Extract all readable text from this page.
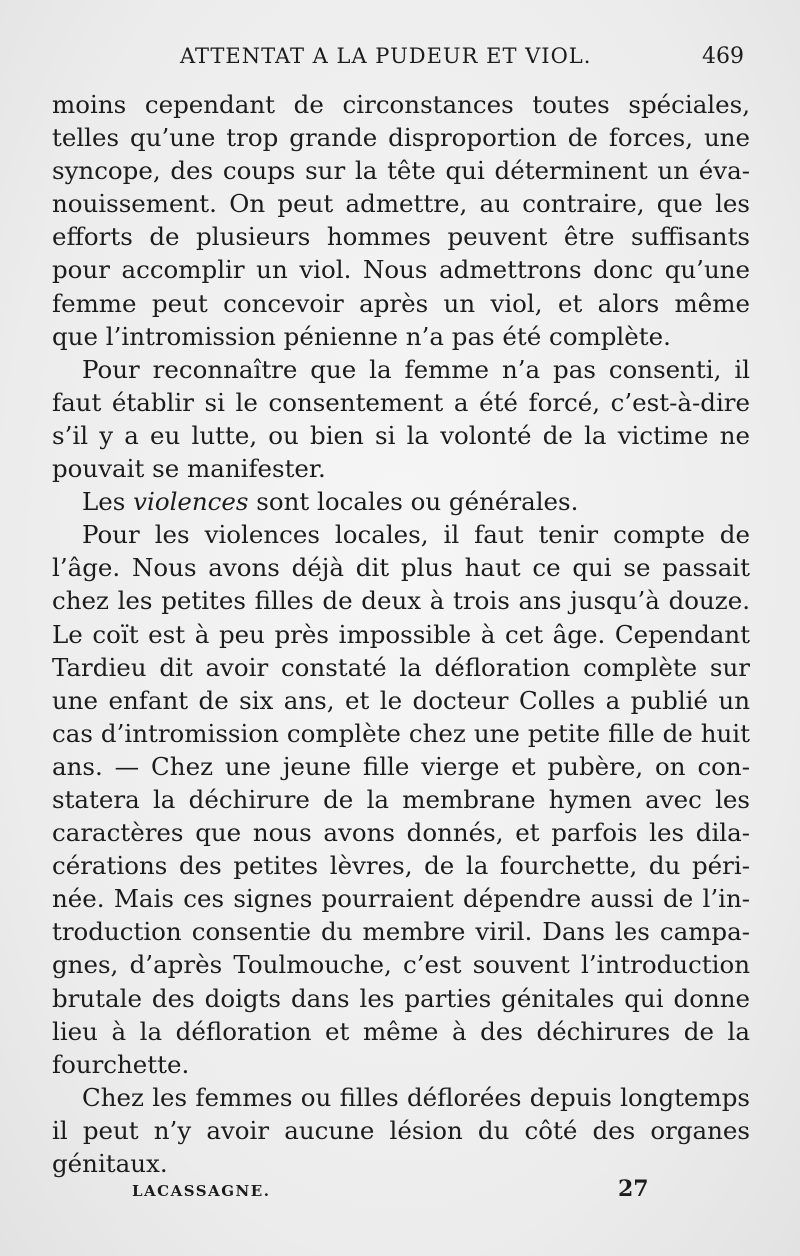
ATTENTAT A LA PUDEUR ET VIOL.	469

moins cependant de circonstances toutes spéciales,
telles qu’une trop grande disproportion de forces, une
syncope, des coups sur la tête qui déterminent un éva-
nouissement. On peut admettre, au contraire, que les
efforts de plusieurs hommes peuvent être suffisants
pour accomplir un viol. Nous admettrons donc qu’une
femme peut concevoir après un viol, et alors même
que l’intromission pénienne n’a pas été complète.

Pour reconnaître que la femme n’a pas consenti, il
faut établir si le consentement a été forcé, c’est-à-dire
s’il y a eu lutte, ou bien si la volonté de la victime ne
pouvait se manifester.

Les violences sont locales ou générales.

Pour les violences locales, il faut tenir compte de
l’âge. Nous avons déjà dit plus haut ce qui se passait
chez les petites filles de deux à trois ans jusqu’à douze.
Le coït est à peu près impossible à cet âge. Cependant
Tardieu dit avoir constaté la défloration complète sur
une enfant de six ans, et le docteur Colles a publié un
cas d’intromission complète chez une petite fille de huit
ans. — Chez une jeune fille vierge et pubère, on con-
statera la déchirure de la membrane hymen avec les
caractères que nous avons donnés, et parfois les dila-
cérations des petites lèvres, de la fourchette, du péri-
née. Mais ces signes pourraient dépendre aussi de l’in-
troduction consentie du membre viril. Dans les campa-
gnes, d’après Toulmouche, c’est souvent l’introduction
brutale des doigts dans les parties génitales qui donne
lieu à la défloration et même à des déchirures de la
fourchette.

Chez les femmes ou filles déflorées depuis longtemps
il peut n’y avoir aucune lésion du côté des organes
génitaux.

LACASSAGNE.	27
